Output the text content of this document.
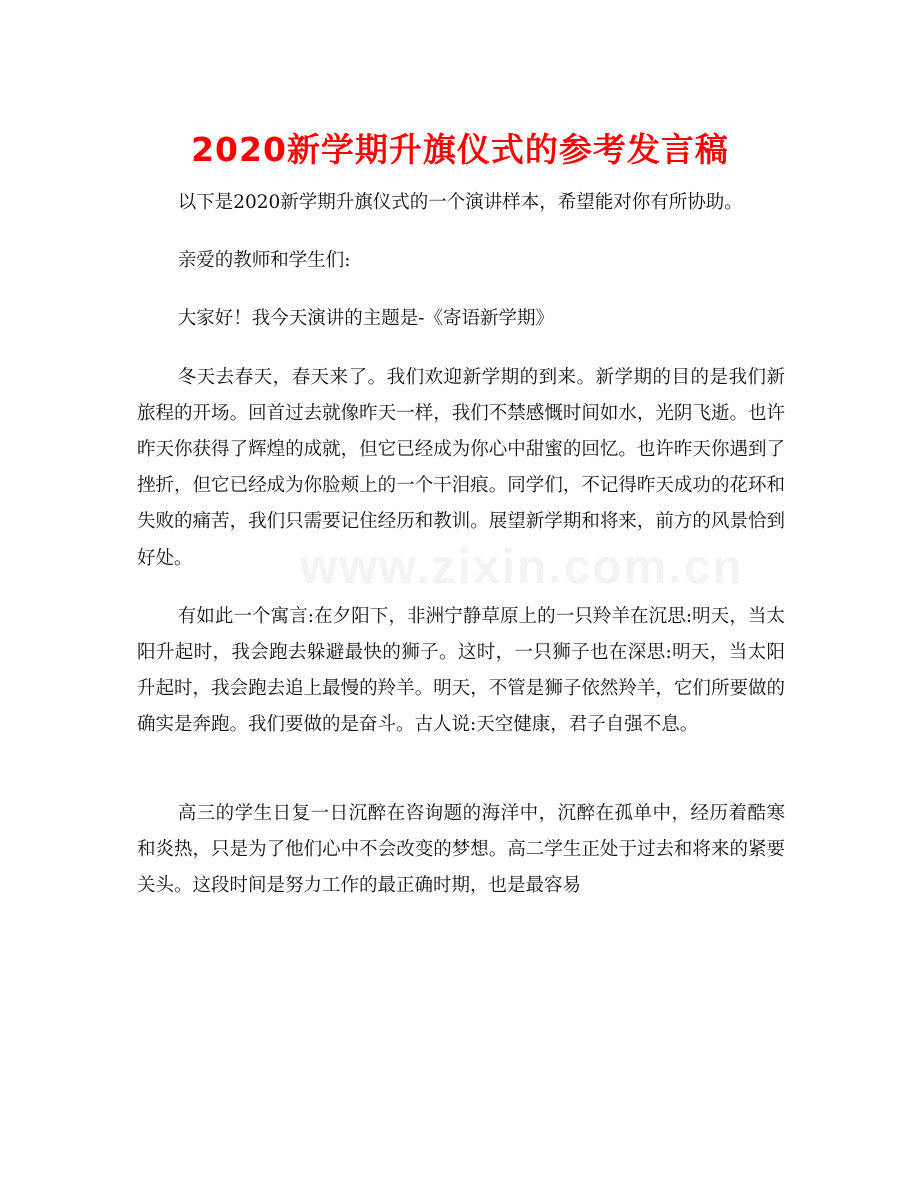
2020新学期升旗仪式的参考发言稿
www.zixin.com.cn

以下是2020新学期升旗仪式的一个演讲样本，希望能对你有所协助。

亲爱的教师和学生们:

大家好！我今天演讲的主题是-《寄语新学期》

冬天去春天，春天来了。我们欢迎新学期的到来。新学期的目的是我们新旅程的开场。回首过去就像昨天一样，我们不禁感慨时间如水，光阴飞逝。也许昨天你获得了辉煌的成就，但它已经成为你心中甜蜜的回忆。也许昨天你遇到了挫折，但它已经成为你脸颊上的一个干泪痕。同学们，不记得昨天成功的花环和失败的痛苦，我们只需要记住经历和教训。展望新学期和将来，前方的风景恰到好处。

有如此一个寓言:在夕阳下，非洲宁静草原上的一只羚羊在沉思:明天，当太阳升起时，我会跑去躲避最快的狮子。这时，一只狮子也在深思:明天，当太阳升起时，我会跑去追上最慢的羚羊。明天，不管是狮子依然羚羊，它们所要做的确实是奔跑。我们要做的是奋斗。古人说:天空健康，君子自强不息。

高三的学生日复一日沉醉在咨询题的海洋中，沉醉在孤单中，经历着酷寒和炎热，只是为了他们心中不会改变的梦想。高二学生正处于过去和将来的紧要关头。这段时间是努力工作的最正确时期，也是最容易
